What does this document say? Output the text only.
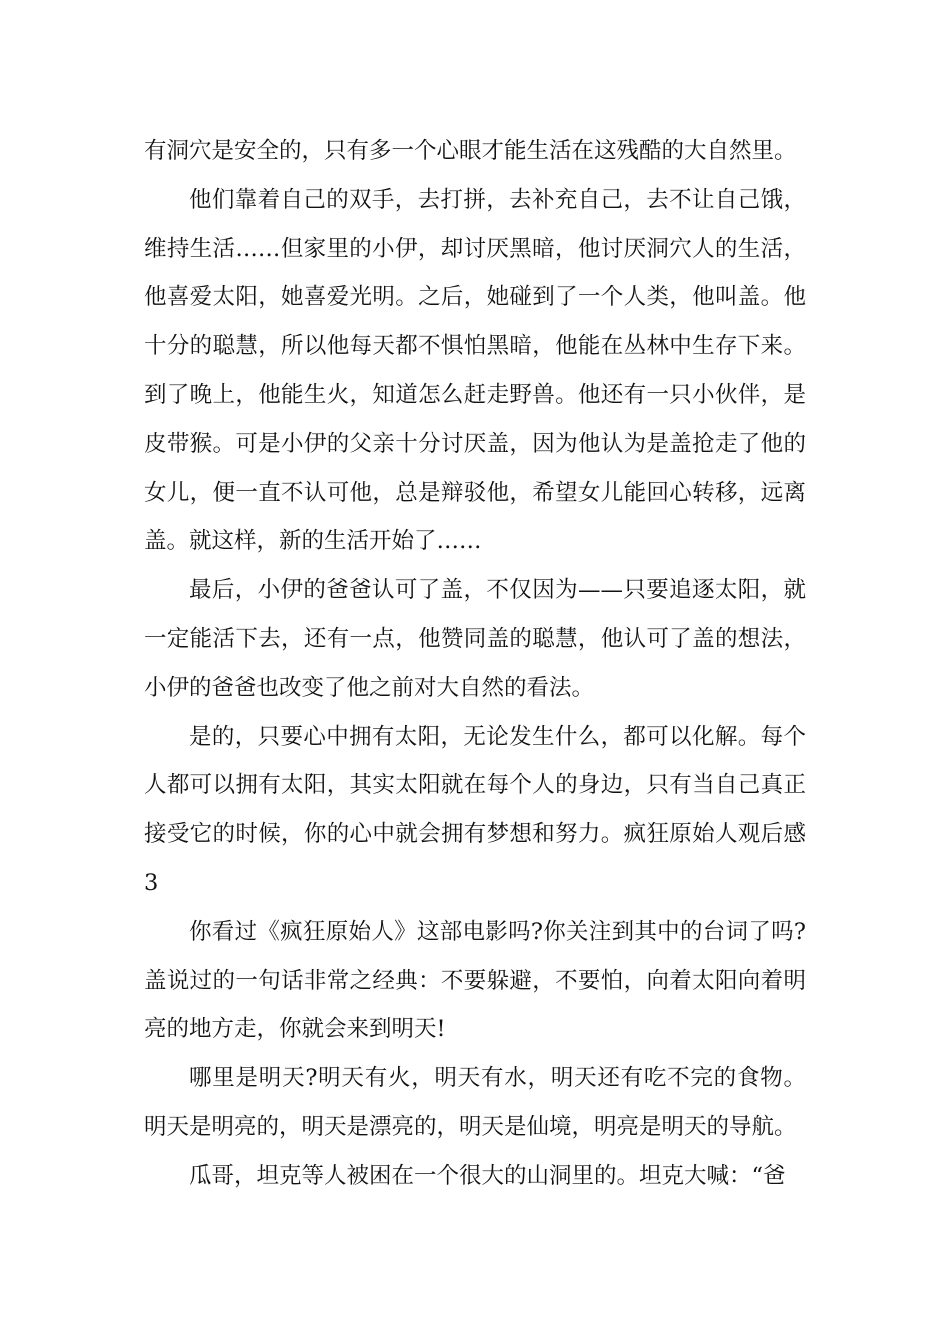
有洞穴是安全的，只有多一个心眼才能生活在这残酷的大自然里。

他们靠着自己的双手，去打拼，去补充自己，去不让自己饿，维持生活……但家里的小伊，却讨厌黑暗，他讨厌洞穴人的生活，他喜爱太阳，她喜爱光明。之后，她碰到了一个人类，他叫盖。他十分的聪慧，所以他每天都不惧怕黑暗，他能在丛林中生存下来。到了晚上，他能生火，知道怎么赶走野兽。他还有一只小伙伴，是皮带猴。可是小伊的父亲十分讨厌盖，因为他认为是盖抢走了他的女儿，便一直不认可他，总是辩驳他，希望女儿能回心转移，远离盖。就这样，新的生活开始了……

最后，小伊的爸爸认可了盖，不仅因为——只要追逐太阳，就一定能活下去，还有一点，他赞同盖的聪慧，他认可了盖的想法，小伊的爸爸也改变了他之前对大自然的看法。

是的，只要心中拥有太阳，无论发生什么，都可以化解。每个人都可以拥有太阳，其实太阳就在每个人的身边，只有当自己真正接受它的时候，你的心中就会拥有梦想和努力。疯狂原始人观后感3

你看过《疯狂原始人》这部电影吗?你关注到其中的台词了吗?盖说过的一句话非常之经典：不要躲避，不要怕，向着太阳向着明亮的地方走，你就会来到明天!

哪里是明天?明天有火，明天有水，明天还有吃不完的食物。明天是明亮的，明天是漂亮的，明天是仙境，明亮是明天的导航。

瓜哥，坦克等人被困在一个很大的山洞里的。坦克大喊：“爸
